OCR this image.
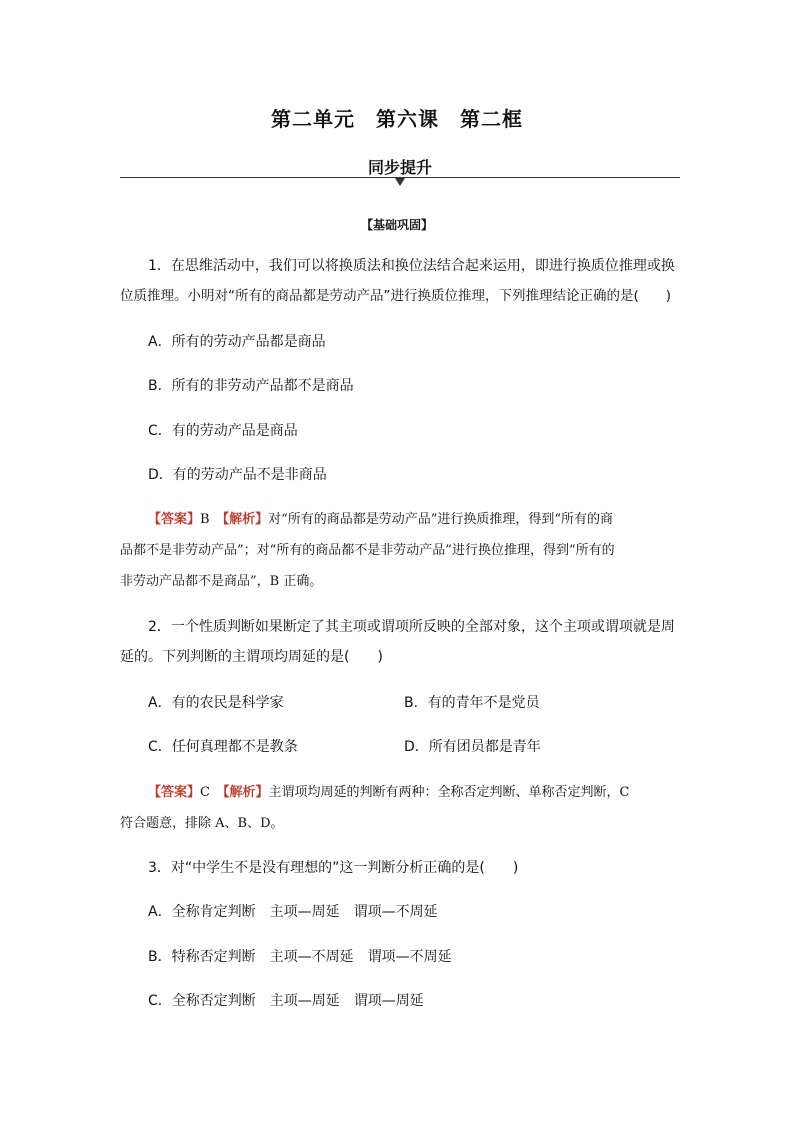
第二单元　第六课　第二框
同步提升
【基础巩固】
1．在思维活动中，我们可以将换质法和换位法结合起来运用，即进行换质位推理或换
位质推理。小明对“所有的商品都是劳动产品”进行换质位推理，下列推理结论正确的是(　　)
A．所有的劳动产品都是商品
B．所有的非劳动产品都不是商品
C．有的劳动产品是商品
D．有的劳动产品不是非商品
【答案】B　 【解析】对“所有的商品都是劳动产品”进行换质推理，得到“所有的商
品都不是非劳动产品”；对“所有的商品都不是非劳动产品”进行换位推理，得到“所有的
非劳动产品都不是商品”，B 正确。
2．一个性质判断如果断定了其主项或谓项所反映的全部对象，这个主项或谓项就是周
延的。下列判断的主谓项均周延的是(　　)
A．有的农民是科学家	B．有的青年不是党员
C．任何真理都不是教条	D．所有团员都是青年
【答案】C　 【解析】主谓项均周延的判断有两种：全称否定判断、单称否定判断，C
符合题意，排除 A、B、D。
3．对“中学生不是没有理想的”这一判断分析正确的是(　　)
A．全称肯定判断　主项—周延　谓项—不周延
B．特称否定判断　主项—不周延　谓项—不周延
C．全称否定判断　主项—周延　谓项—周延
